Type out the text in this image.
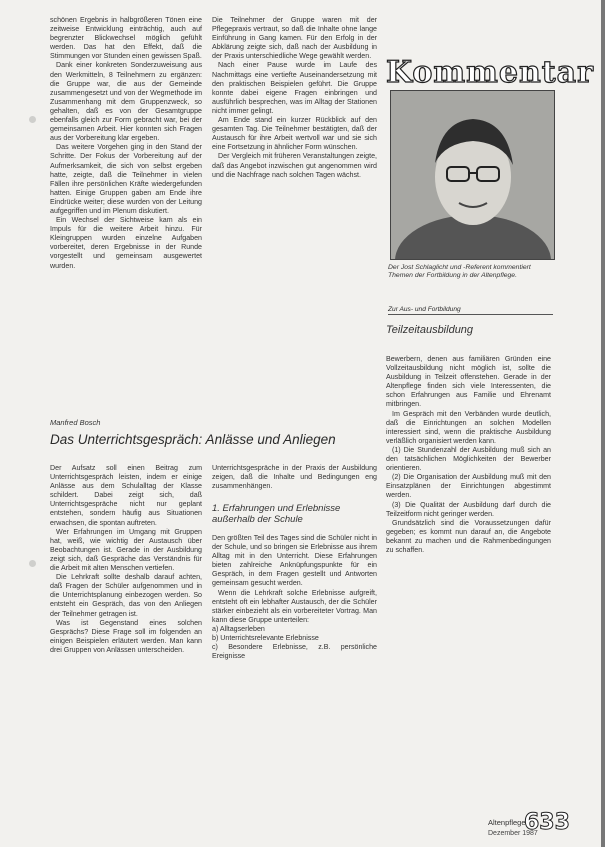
schönen Ergebnis in halbgrößeren Tönen eine zeitweise Entwicklung einträchtig, auch auf begrenzter Blickwechsel möglich gefühlt werden. Das hat den Effekt, daß die Stimmungen vor Stunden einen gewissen Spaß.

Dank einer konkreten Sonderzuweisung aus den Werkmitteln, 8 Teilnehmern zu ergänzen: die Gruppe war, die aus der Gemeinde zusammengesetzt und von der Wegmethode im Zusammenhang mit dem Gruppenzweck, so gehalten, daß es von der Gesamtgruppe ebenfalls gleich zur Form gebracht war, bei der gemeinsamen Arbeit. Hier konnten sich Fragen aus der Vorbereitung klar ergeben.

Das weitere Vorgehen ging in den Stand der Schritte. Der Fokus der Vorbereitung auf der Aufmerksamkeit, die sich von selbst ergeben hatte, zeigte, daß die Teilnehmer in vielen Fällen ihre persönlichen Kräfte wiedergefunden hatten. Einige Gruppen gaben am Ende ihre Eindrücke weiter; diese wurden von der Leitung aufgegriffen und im Plenum diskutiert.

Ein Wechsel der Sichtweise kam als ein Impuls für die weitere Arbeit hinzu. Für Kleingruppen wurden einzelne Aufgaben vorbereitet, deren Ergebnisse in der Runde vorgestellt und gemeinsam ausgewertet wurden.

Die Teilnehmer der Gruppe waren mit der Pflegepraxis vertraut, so daß die Inhalte ohne lange Einführung in Gang kamen. Für den Erfolg in der Abklärung zeigte sich, daß nach der Ausbildung in der Praxis unterschiedliche Wege gewählt werden.

Nach einer Pause wurde im Laufe des Nachmittags eine vertiefte Auseinandersetzung mit den praktischen Beispielen geführt. Die Gruppe konnte dabei eigene Fragen einbringen und ausführlich besprechen, was im Alltag der Stationen nicht immer gelingt.

Am Ende stand ein kurzer Rückblick auf den gesamten Tag. Die Teilnehmer bestätigten, daß der Austausch für ihre Arbeit wertvoll war und sie sich eine Fortsetzung in ähnlicher Form wünschen.

Der Vergleich mit früheren Veranstaltungen zeigte, daß das Angebot inzwischen gut angenommen wird und die Nachfrage nach solchen Tagen wächst.

Kommentar
Der Jost Schlaglicht und -Referent kommentiert Themen der Fortbildung in der Altenpflege.
Zur Aus- und Fortbildung
Teilzeitausbildung

Bewerbern, denen aus familiären Gründen eine Vollzeitausbildung nicht möglich ist, sollte die Ausbildung in Teilzeit offenstehen. Gerade in der Altenpflege finden sich viele Interessenten, die schon Erfahrungen aus Familie und Ehrenamt mitbringen.

Im Gespräch mit den Verbänden wurde deutlich, daß die Einrichtungen an solchen Modellen interessiert sind, wenn die praktische Ausbildung verläßlich organisiert werden kann.

(1) Die Stundenzahl der Ausbildung muß sich an den tatsächlichen Möglichkeiten der Bewerber orientieren.

(2) Die Organisation der Ausbildung muß mit den Einsatzplänen der Einrichtungen abgestimmt werden.

(3) Die Qualität der Ausbildung darf durch die Teilzeitform nicht geringer werden.

Grundsätzlich sind die Voraussetzungen dafür gegeben; es kommt nun darauf an, die Angebote bekannt zu machen und die Rahmenbedingungen zu schaffen.

Manfred Bosch
Das Unterrichtsgespräch: Anlässe und Anliegen

Der Aufsatz soll einen Beitrag zum Unterrichtsgespräch leisten, indem er einige Anlässe aus dem Schulalltag der Klasse schildert. Dabei zeigt sich, daß Unterrichtsgespräche nicht nur geplant entstehen, sondern häufig aus Situationen erwachsen, die spontan auftreten.

Wer Erfahrungen im Umgang mit Gruppen hat, weiß, wie wichtig der Austausch über Beobachtungen ist. Gerade in der Ausbildung zeigt sich, daß Gespräche das Verständnis für die Arbeit mit alten Menschen vertiefen.

Die Lehrkraft sollte deshalb darauf achten, daß Fragen der Schüler aufgenommen und in die Unterrichtsplanung einbezogen werden. So entsteht ein Gespräch, das von den Anliegen der Teilnehmer getragen ist.

Was ist Gegenstand eines solchen Gesprächs? Diese Frage soll im folgenden an einigen Beispielen erläutert werden. Man kann drei Gruppen von Anlässen unterscheiden.

Unterrichtsgespräche in der Praxis der Ausbildung zeigen, daß die Inhalte und Bedingungen eng zusammenhängen.

1. Erfahrungen und Erlebnisse außerhalb der Schule

Den größten Teil des Tages sind die Schüler nicht in der Schule, und so bringen sie Erlebnisse aus ihrem Alltag mit in den Unterricht. Diese Erfahrungen bieten zahlreiche Anknüpfungspunkte für ein Gespräch, in dem Fragen gestellt und Antworten gemeinsam gesucht werden.

Wenn die Lehrkraft solche Erlebnisse aufgreift, entsteht oft ein lebhafter Austausch, der die Schüler stärker einbezieht als ein vorbereiteter Vortrag. Man kann diese Gruppe unterteilen:

a) Alltagserleben

b) Unterrichtsrelevante Erlebnisse

c) Besondere Erlebnisse, z.B. persönliche Ereignisse

Altenpflege
Dezember 1987
633
